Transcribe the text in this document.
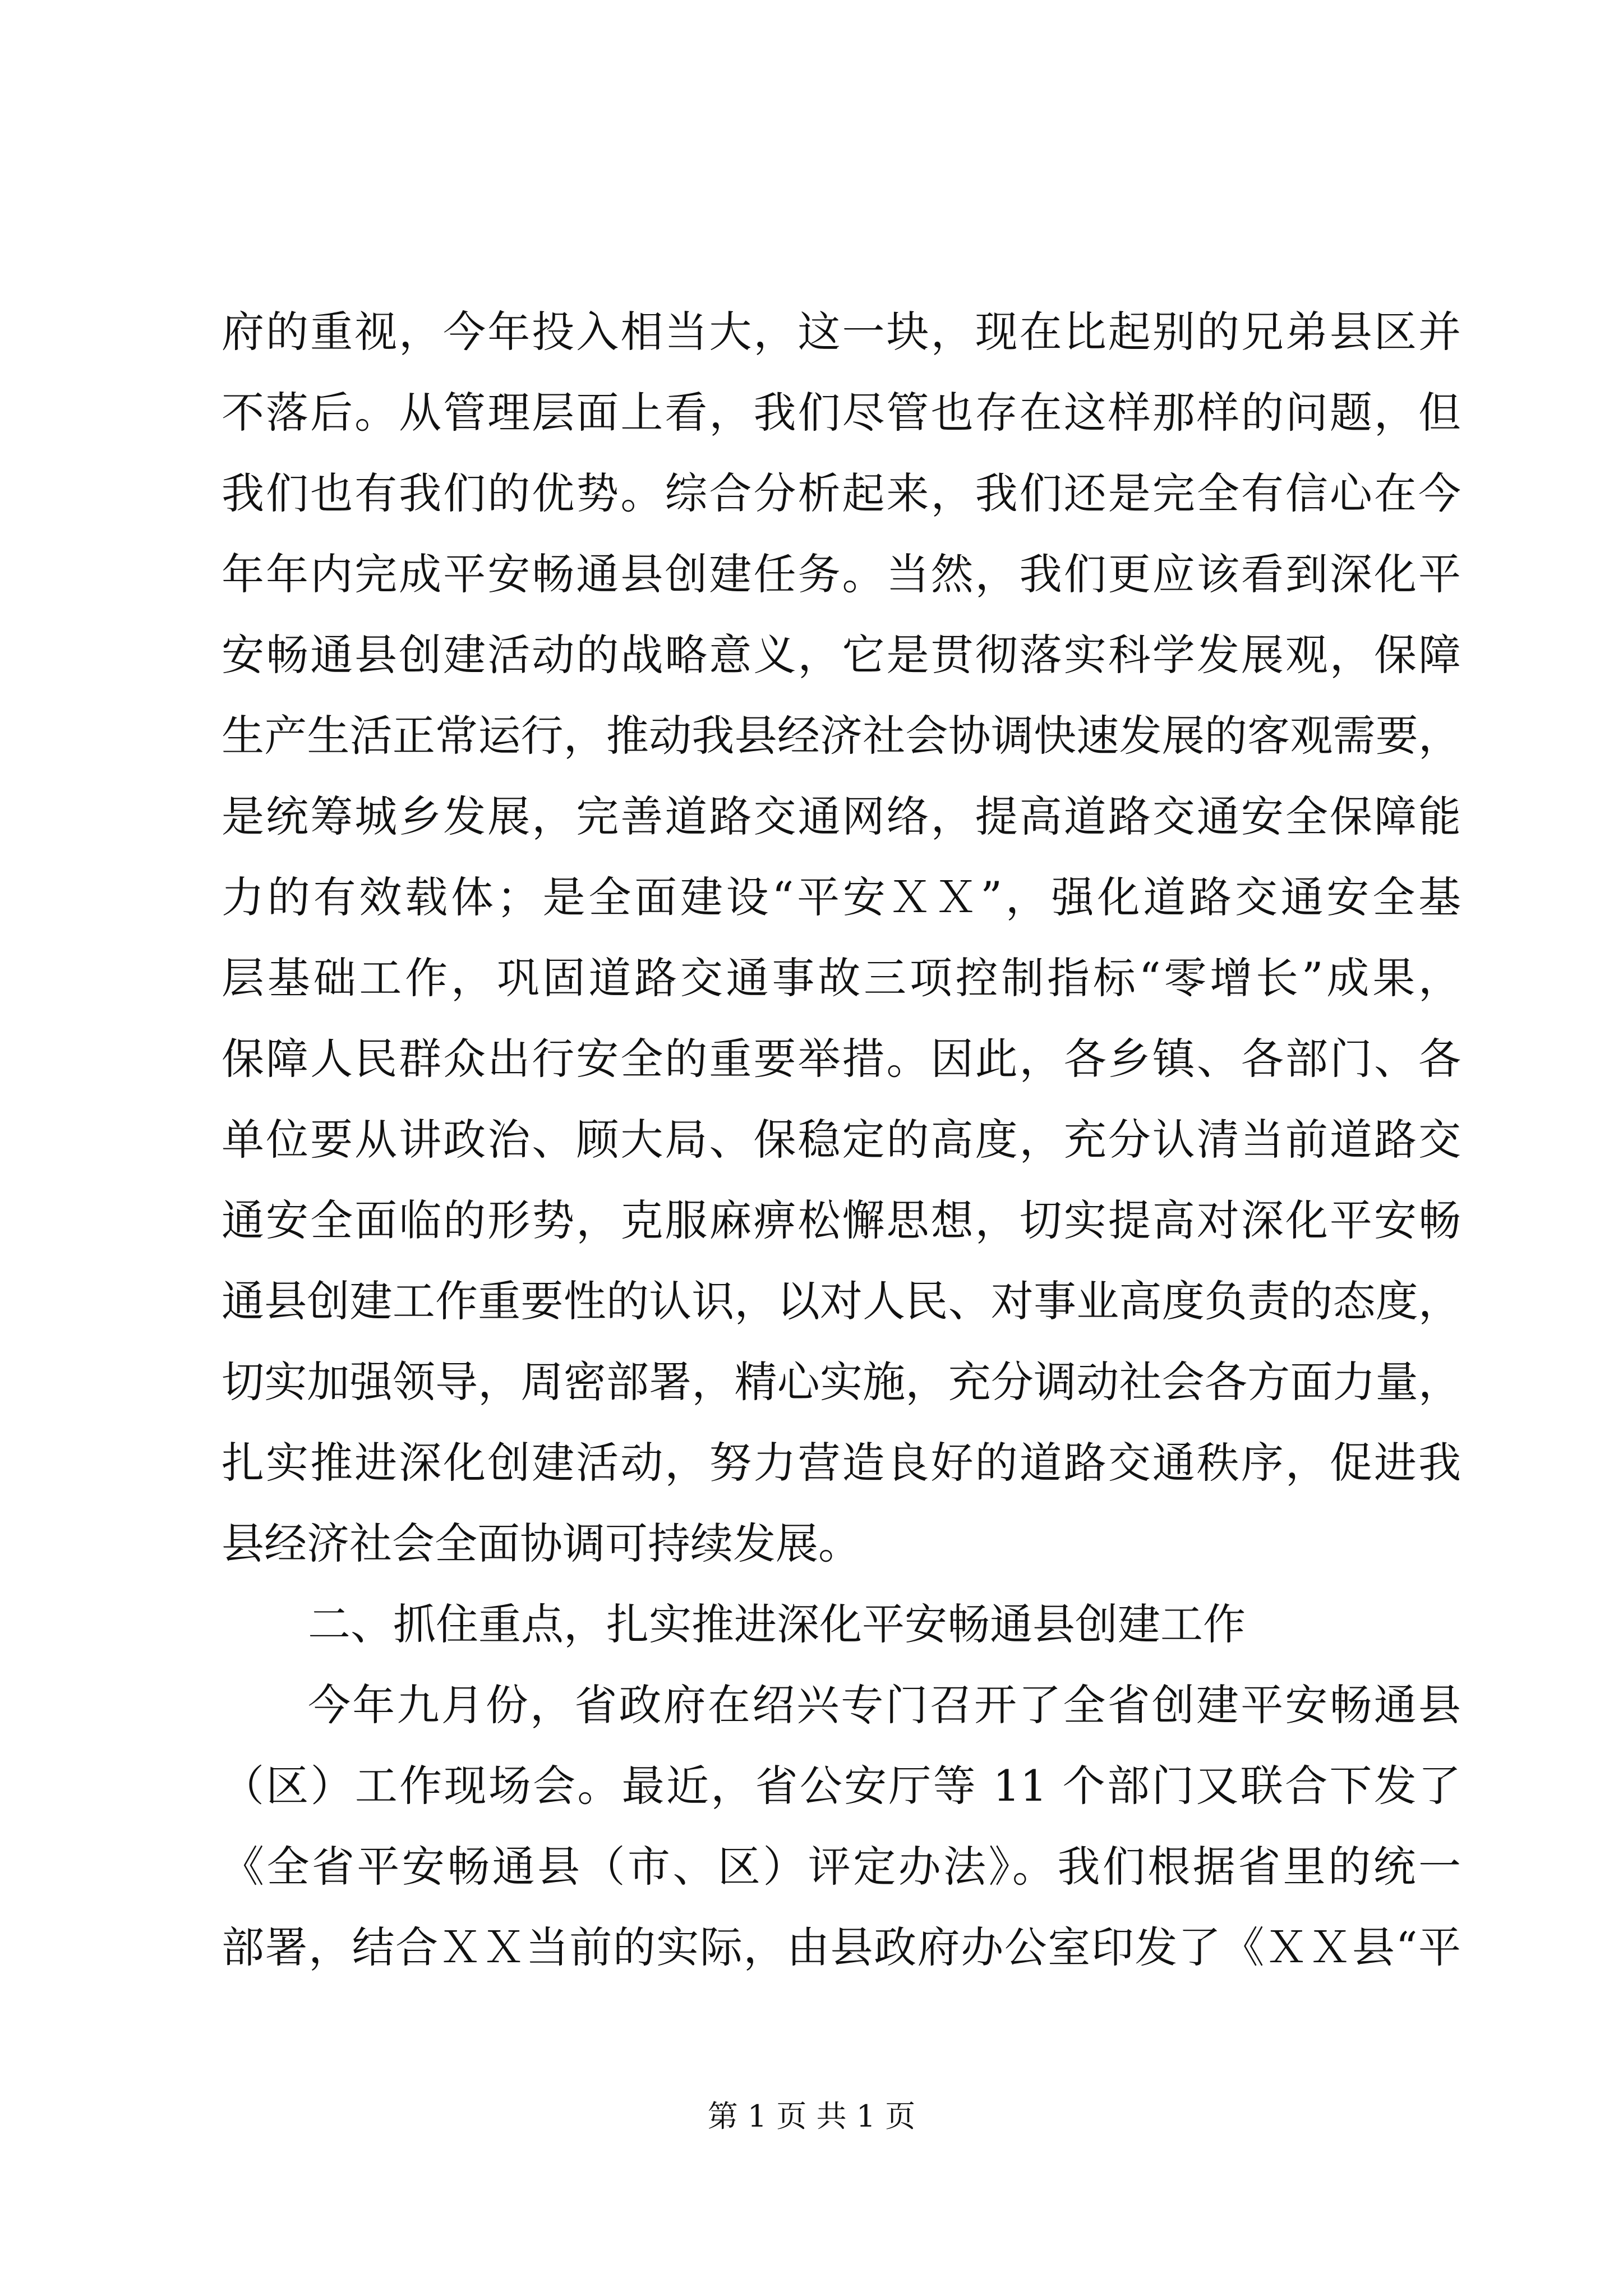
府的重视，今年投入相当大，这一块，现在比起别的兄弟县区并
不落后。从管理层面上看，我们尽管也存在这样那样的问题，但
我们也有我们的优势。综合分析起来，我们还是完全有信心在今
年年内完成平安畅通县创建任务。当然，我们更应该看到深化平
安畅通县创建活动的战略意义，它是贯彻落实科学发展观，保障
生产生活正常运行，推动我县经济社会协调快速发展的客观需要，
是统筹城乡发展，完善道路交通网络，提高道路交通安全保障能
力的有效载体；是全面建设“平安ＸＸ”，强化道路交通安全基
层基础工作，巩固道路交通事故三项控制指标“零增长”成果，
保障人民群众出行安全的重要举措。因此，各乡镇、各部门、各
单位要从讲政治、顾大局、保稳定的高度，充分认清当前道路交
通安全面临的形势，克服麻痹松懈思想，切实提高对深化平安畅
通县创建工作重要性的认识，以对人民、对事业高度负责的态度，
切实加强领导，周密部署，精心实施，充分调动社会各方面力量，
扎实推进深化创建活动，努力营造良好的道路交通秩序，促进我
县经济社会全面协调可持续发展。
二、抓住重点，扎实推进深化平安畅通县创建工作
今年九月份，省政府在绍兴专门召开了全省创建平安畅通县
（区）工作现场会。最近，省公安厅等 11 个部门又联合下发了
《全省平安畅通县（市、区）评定办法》。我们根据省里的统一
部署，结合ＸＸ当前的实际，由县政府办公室印发了《ＸＸ县“平
第 1 页 共 1 页
